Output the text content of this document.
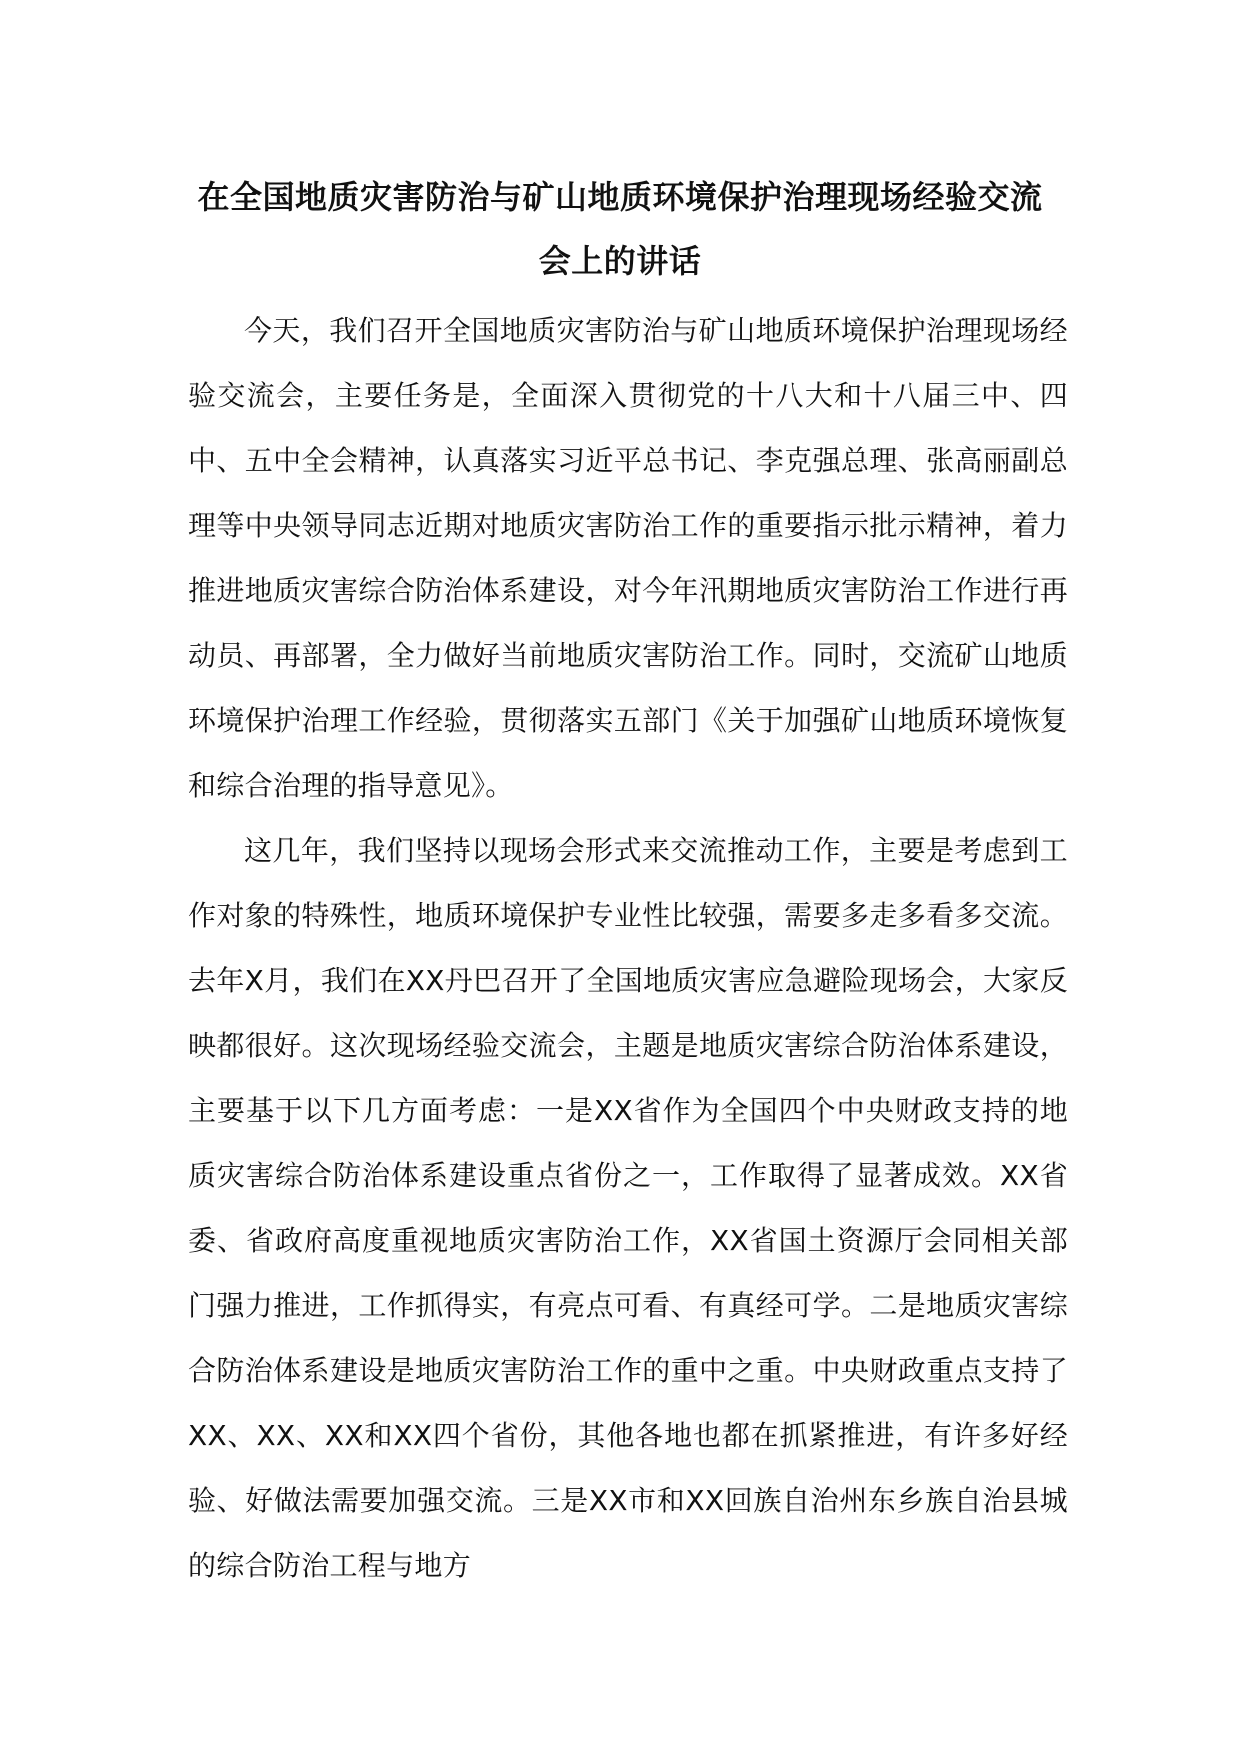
在全国地质灾害防治与矿山地质环境保护治理现场经验交流会上的讲话

今天，我们召开全国地质灾害防治与矿山地质环境保护治理现场经验交流会，主要任务是，全面深入贯彻党的十八大和十八届三中、四中、五中全会精神，认真落实习近平总书记、李克强总理、张高丽副总理等中央领导同志近期对地质灾害防治工作的重要指示批示精神，着力推进地质灾害综合防治体系建设，对今年汛期地质灾害防治工作进行再动员、再部署，全力做好当前地质灾害防治工作。同时，交流矿山地质环境保护治理工作经验，贯彻落实五部门《关于加强矿山地质环境恢复和综合治理的指导意见》。

这几年，我们坚持以现场会形式来交流推动工作，主要是考虑到工作对象的特殊性，地质环境保护专业性比较强，需要多走多看多交流。去年X月，我们在XX丹巴召开了全国地质灾害应急避险现场会，大家反映都很好。这次现场经验交流会，主题是地质灾害综合防治体系建设，主要基于以下几方面考虑：一是XX省作为全国四个中央财政支持的地质灾害综合防治体系建设重点省份之一，工作取得了显著成效。XX省委、省政府高度重视地质灾害防治工作，XX省国土资源厅会同相关部门强力推进，工作抓得实，有亮点可看、有真经可学。二是地质灾害综合防治体系建设是地质灾害防治工作的重中之重。中央财政重点支持了XX、XX、XX和XX四个省份，其他各地也都在抓紧推进，有许多好经验、好做法需要加强交流。三是XX市和XX回族自治州东乡族自治县城的综合防治工程与地方
